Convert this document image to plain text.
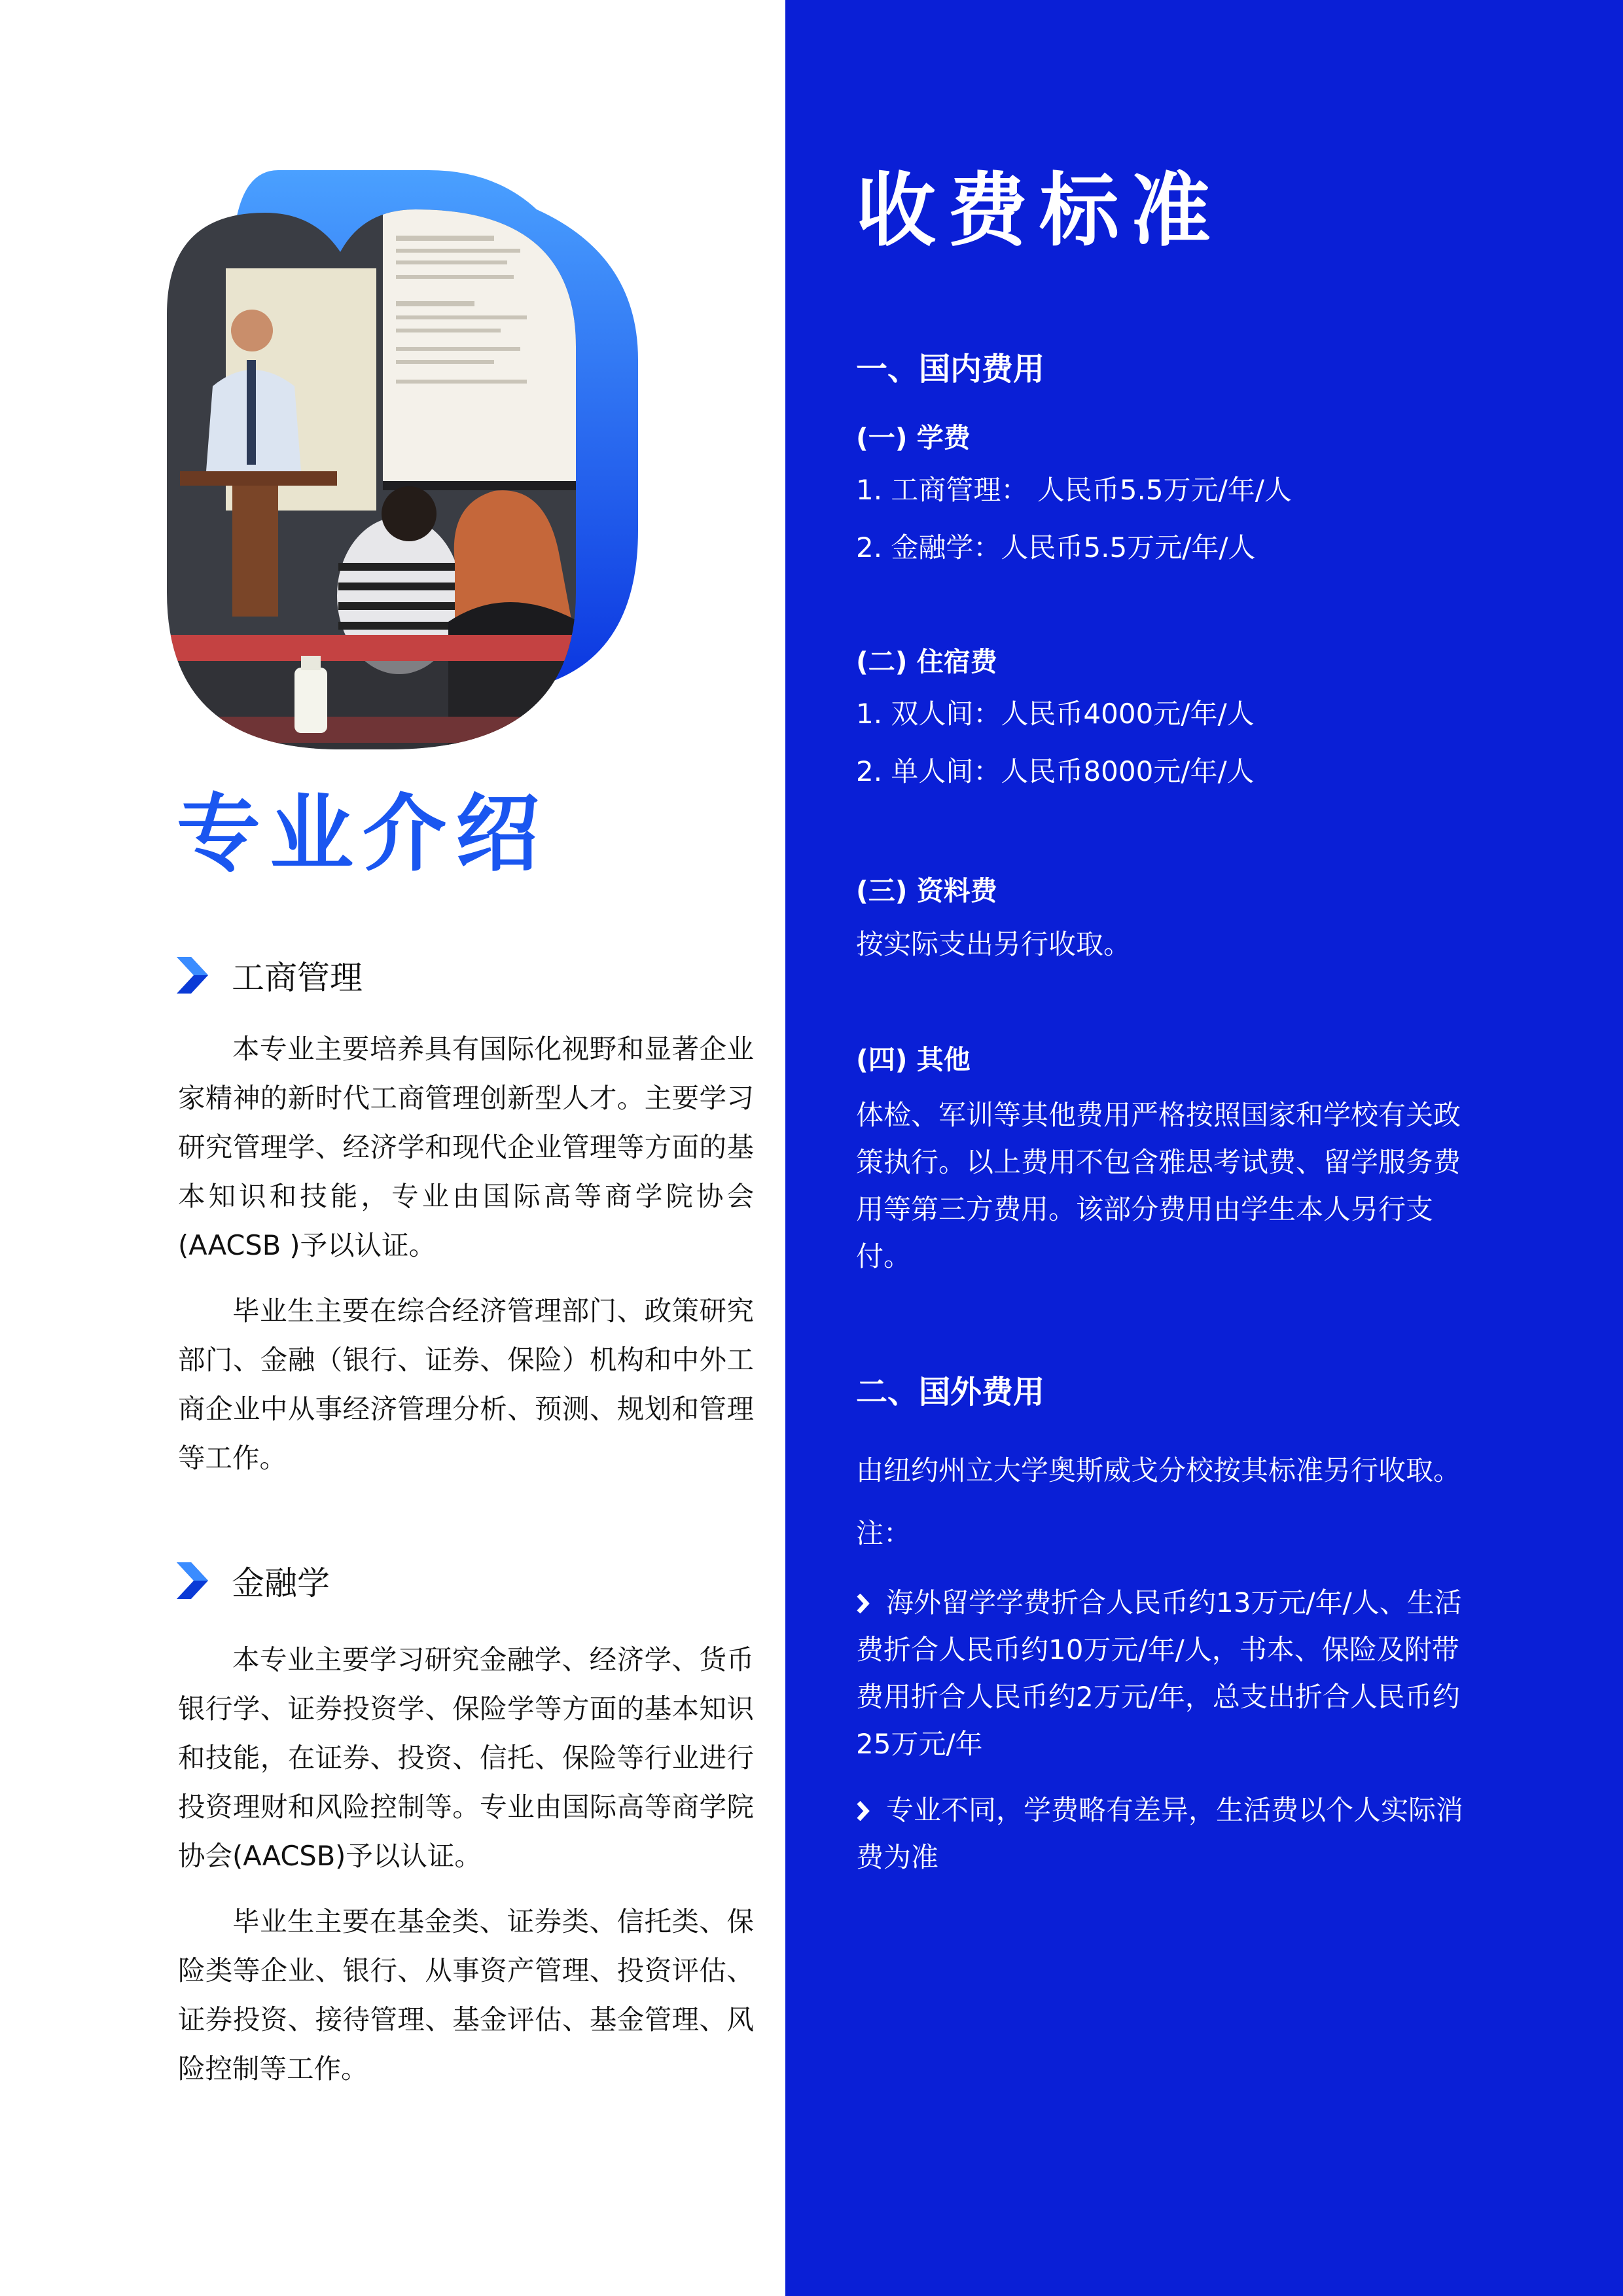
专业介绍
工商管理

本专业主要培养具有国际化视野和显著企业家精神的新时代工商管理创新型人才。主要学习研究管理学、经济学和现代企业管理等方面的基本知识和技能，专业由国际高等商学院协会(AACSB )予以认证。

毕业生主要在综合经济管理部门、政策研究部门、金融（银行、证券、保险）机构和中外工商企业中从事经济管理分析、预测、规划和管理等工作。

金融学

本专业主要学习研究金融学、经济学、货币银行学、证券投资学、保险学等方面的基本知识和技能，在证券、投资、信托、保险等行业进行投资理财和风险控制等。专业由国际高等商学院协会(AACSB)予以认证。

毕业生主要在基金类、证券类、信托类、保险类等企业、银行、从事资产管理、投资评估、证券投资、接待管理、基金评估、基金管理、风险控制等工作。

收费标准
一、国内费用
(一) 学费

1. 工商管理： 人民币5.5万元/年/人

2. 金融学：人民币5.5万元/年/人

(二) 住宿费

1. 双人间：人民币4000元/年/人

2. 单人间：人民币8000元/年/人

(三) 资料费

按实际支出另行收取。

(四) 其他

体检、军训等其他费用严格按照国家和学校有关政策执行。以上费用不包含雅思考试费、留学服务费用等第三方费用。该部分费用由学生本人另行支付。

二、国外费用

由纽约州立大学奥斯威戈分校按其标准另行收取。

注：

海外留学学费折合人民币约13万元/年/人、生活费折合人民币约10万元/年/人，书本、保险及附带费用折合人民币约2万元/年，总支出折合人民币约25万元/年

专业不同，学费略有差异，生活费以个人实际消费为准
